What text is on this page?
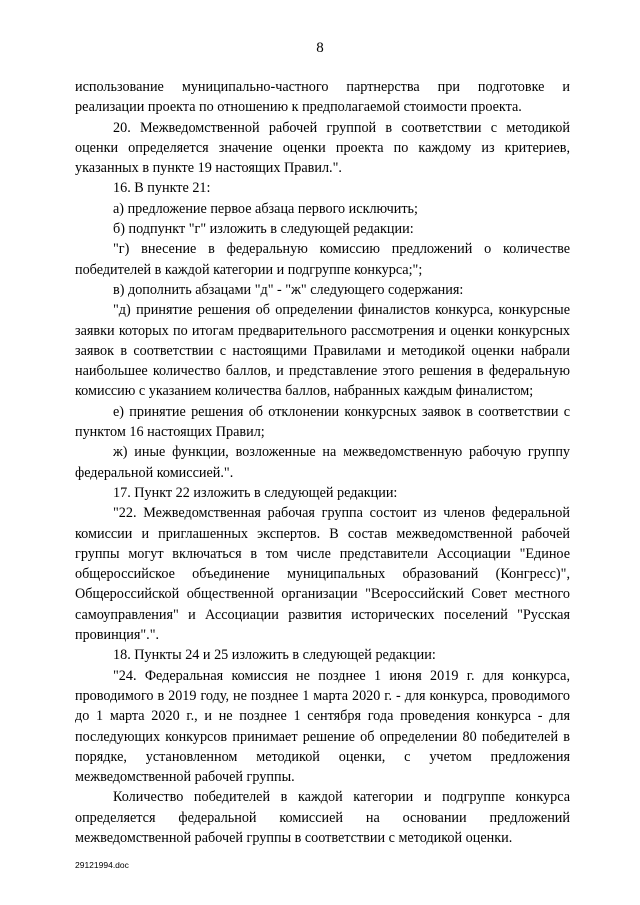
8

использование муниципально-частного партнерства при подготовке и реализации проекта по отношению к предполагаемой стоимости проекта.

20. Межведомственной рабочей группой в соответствии с методикой оценки определяется значение оценки проекта по каждому из критериев, указанных в пункте 19 настоящих Правил.".

16. В пункте 21:

а) предложение первое абзаца первого исключить;

б) подпункт "г" изложить в следующей редакции:

"г) внесение в федеральную комиссию предложений о количестве победителей в каждой категории и подгруппе конкурса;";

в) дополнить абзацами "д" - "ж" следующего содержания:

"д) принятие решения об определении финалистов конкурса, конкурсные заявки которых по итогам предварительного рассмотрения и оценки конкурсных заявок в соответствии с настоящими Правилами и методикой оценки набрали наибольшее количество баллов, и представление этого решения в федеральную комиссию с указанием количества баллов, набранных каждым финалистом;

е) принятие решения об отклонении конкурсных заявок в соответствии с пунктом 16 настоящих Правил;

ж) иные функции, возложенные на межведомственную рабочую группу федеральной комиссией.".

17. Пункт 22 изложить в следующей редакции:

"22. Межведомственная рабочая группа состоит из членов федеральной комиссии и приглашенных экспертов. В состав межведомственной рабочей группы могут включаться в том числе представители Ассоциации "Единое общероссийское объединение муниципальных образований (Конгресс)", Общероссийской общественной организации "Всероссийский Совет местного самоуправления" и Ассоциации развития исторических поселений "Русская провинция".".

18. Пункты 24 и 25 изложить в следующей редакции:

"24. Федеральная комиссия не позднее 1 июня 2019 г. для конкурса, проводимого в 2019 году, не позднее 1 марта 2020 г. - для конкурса, проводимого до 1 марта 2020 г., и не позднее 1 сентября года проведения конкурса - для последующих конкурсов принимает решение об определении 80 победителей в порядке, установленном методикой оценки, с учетом предложения межведомственной рабочей группы.

Количество победителей в каждой категории и подгруппе конкурса определяется федеральной комиссией на основании предложений межведомственной рабочей группы в соответствии с методикой оценки.

29121994.doc
